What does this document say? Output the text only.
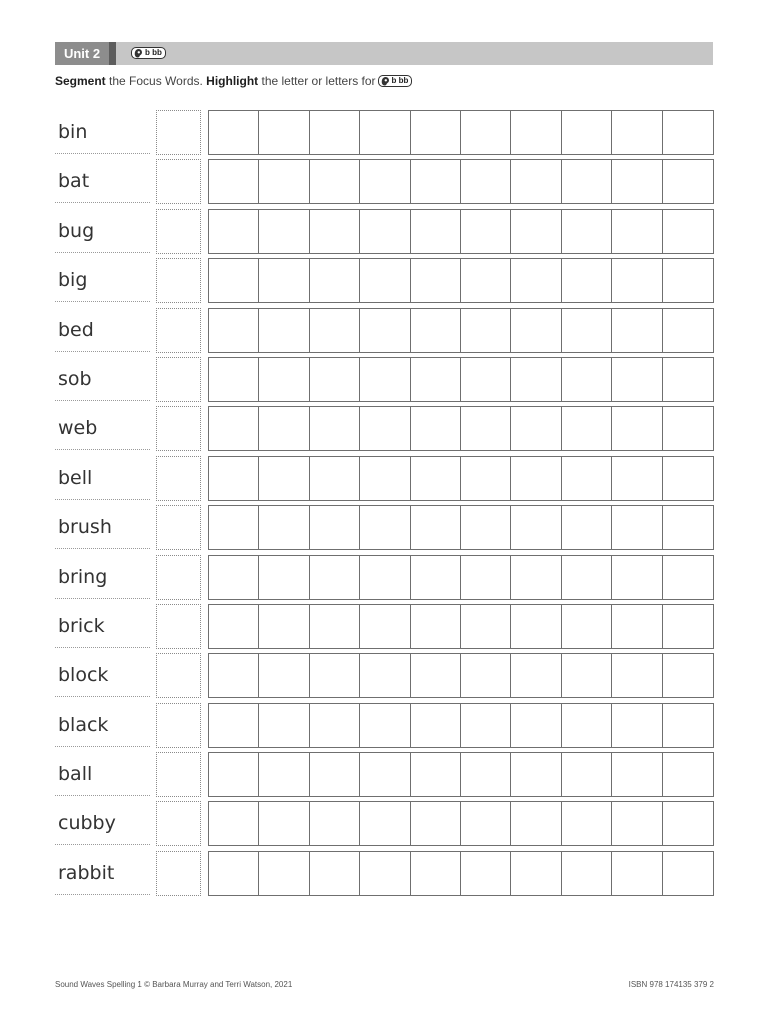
Unit 2	b bb

Segment the Focus Words. Highlight the letter or letters for b bb

bin
bat
bug
big
bed
sob
web
bell
brush
bring
brick
block
black
ball
cubby
rabbit

Sound Waves Spelling 1 © Barbara Murray and Terri Watson, 2021	ISBN 978 174135 379 2
